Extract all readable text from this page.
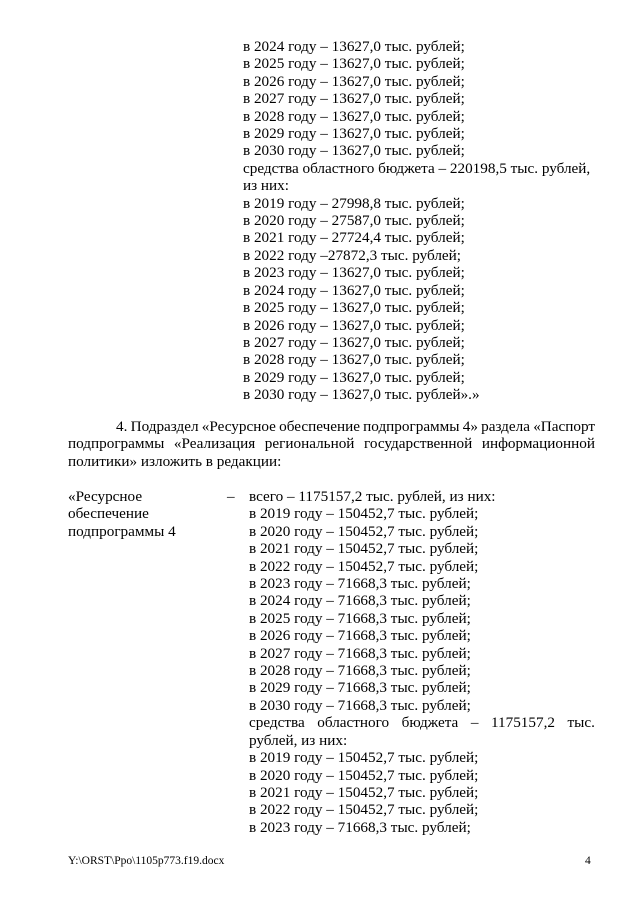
в 2024 году – 13627,0 тыс. рублей;
в 2025 году – 13627,0 тыс. рублей;
в 2026 году – 13627,0 тыс. рублей;
в 2027 году – 13627,0 тыс. рублей;
в 2028 году – 13627,0 тыс. рублей;
в 2029 году – 13627,0 тыс. рублей;
в 2030 году – 13627,0 тыс. рублей;
средства областного бюджета – 220198,5 тыс. рублей,
из них:
в 2019 году – 27998,8 тыс. рублей;
в 2020 году – 27587,0 тыс. рублей;
в 2021 году – 27724,4 тыс. рублей;
в 2022 году –27872,3 тыс. рублей;
в 2023 году – 13627,0 тыс. рублей;
в 2024 году – 13627,0 тыс. рублей;
в 2025 году – 13627,0 тыс. рублей;
в 2026 году – 13627,0 тыс. рублей;
в 2027 году – 13627,0 тыс. рублей;
в 2028 году – 13627,0 тыс. рублей;
в 2029 году – 13627,0 тыс. рублей;
в 2030 году – 13627,0 тыс. рублей».»
4. Подраздел «Ресурсное обеспечение подпрограммы 4» раздела «Паспорт
подпрограммы «Реализация региональной государственной информационной
политики» изложить в редакции:
«Ресурсное
обеспечение
подпрограммы 4
– всего – 1175157,2 тыс. рублей, из них:
в 2019 году – 150452,7 тыс. рублей;
в 2020 году – 150452,7 тыс. рублей;
в 2021 году – 150452,7 тыс. рублей;
в 2022 году – 150452,7 тыс. рублей;
в 2023 году – 71668,3 тыс. рублей;
в 2024 году – 71668,3 тыс. рублей;
в 2025 году – 71668,3 тыс. рублей;
в 2026 году – 71668,3 тыс. рублей;
в 2027 году – 71668,3 тыс. рублей;
в 2028 году – 71668,3 тыс. рублей;
в 2029 году – 71668,3 тыс. рублей;
в 2030 году – 71668,3 тыс. рублей;
средства областного бюджета – 1175157,2 тыс.
рублей, из них:
в 2019 году – 150452,7 тыс. рублей;
в 2020 году – 150452,7 тыс. рублей;
в 2021 году – 150452,7 тыс. рублей;
в 2022 году – 150452,7 тыс. рублей;
в 2023 году – 71668,3 тыс. рублей;
Y:\ORST\Ppo\1105p773.f19.docx	4
